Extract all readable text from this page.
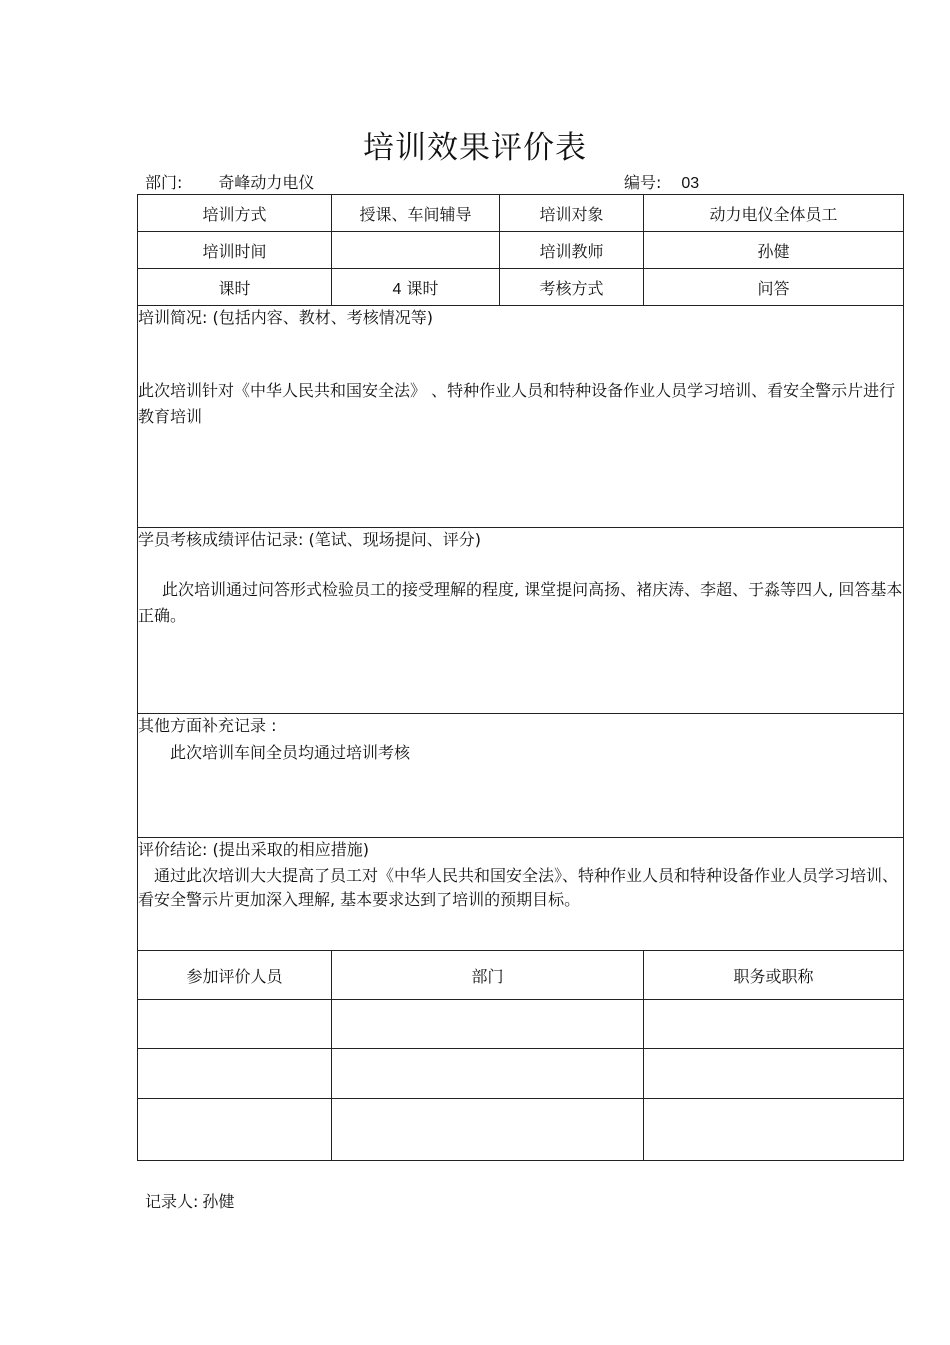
培训效果评价表
部门: 奇峰动力电仪	编号: 03
培训方式	授课、车间辅导	培训对象	动力电仪全体员工
培训时间		培训教师	孙健
课时	4 课时	考核方式	问答

培训简况: (包括内容、教材、考核情况等)
此次培训针对《中华人民共和国安全法》 、特种作业人员和特种设备作业人员学习培训、看安全警示片进行教育培训			

学员考核成绩评估记录: (笔试、现场提问、评分)
此次培训通过问答形式检验员工的接受理解的程度, 课堂提问高扬、褚庆涛、李超、于淼等四人, 回答基本正确。			

其他方面补充记录 :
此次培训车间全员均通过培训考核			

评价结论: (提出采取的相应措施)
通过此次培训大大提高了员工对《中华人民共和国安全法》、特种作业人员和特种设备作业人员学习培训、看安全警示片更加深入理解, 基本要求达到了培训的预期目标。			

参加评价人员	部门		职务或职称

记录人: 孙健
